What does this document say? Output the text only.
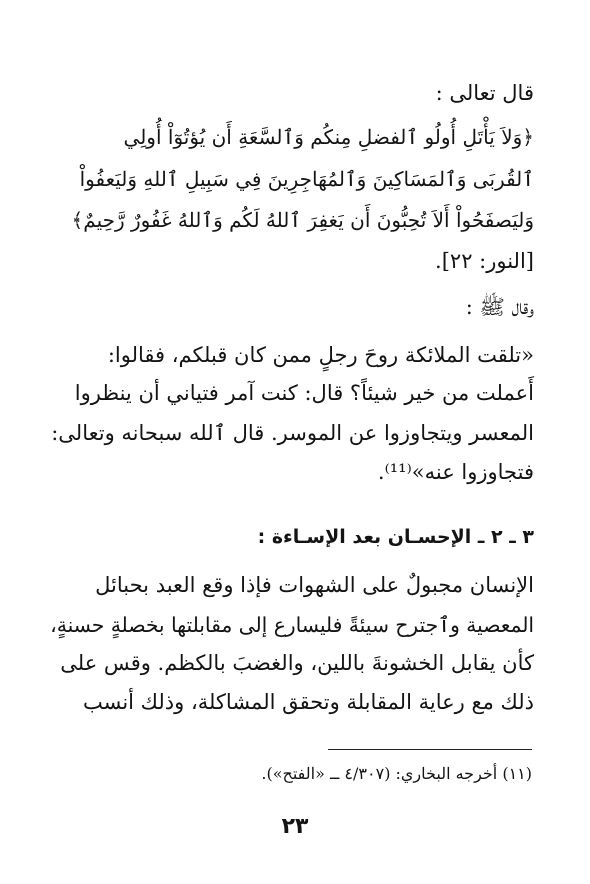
قال تعالى :
﴿وَلاَ يَأْتَلِ أُولُو ٱلفضلِ مِنكُم وَٱلسَّعَةِ أَن يُؤتُوٓاْ أُولِي
ٱلقُربَى وَٱلمَسَاكِينَ وَٱلمُهَاجِرِينَ فِي سَبِيلِ ٱللهِ وَليَعفُواْ
وَليَصفَحُواْ أَلاَ تُحِبُّونَ أَن يَغفِرَ ٱللهُ لَكُم وَٱللهُ غَفُورٌ رَّحِيمٌ﴾
[النور: ٢٢].
وقال ﷺ :
«تلقت الملائكة روحَ رجلٍ ممن كان قبلكم، فقالوا:
أَعملت من خير شيئاً؟ قال: كنت آمر فتياني أن ينظروا
المعسر ويتجاوزوا عن الموسر. قال ٱلله سبحانه وتعالى:
فتجاوزوا عنه»⁽¹¹⁾.
٣ ـ ٢ ـ الإحسـان بعد الإسـاءة :
الإنسان مجبولٌ على الشهوات فإذا وقع العبد بحبائل
المعصية وٱجترح سيئةً فليسارع إلى مقابلتها بخصلةٍ حسنةٍ،
كأن يقابل الخشونةَ باللين، والغضبَ بالكظم. وقس على
ذلك مع رعاية المقابلة وتحقق المشاكلة، وذلك أنسب
(١١) أخرجه البخاري: (٤/٣٠٧ ــ «الفتح»).
٢٣
